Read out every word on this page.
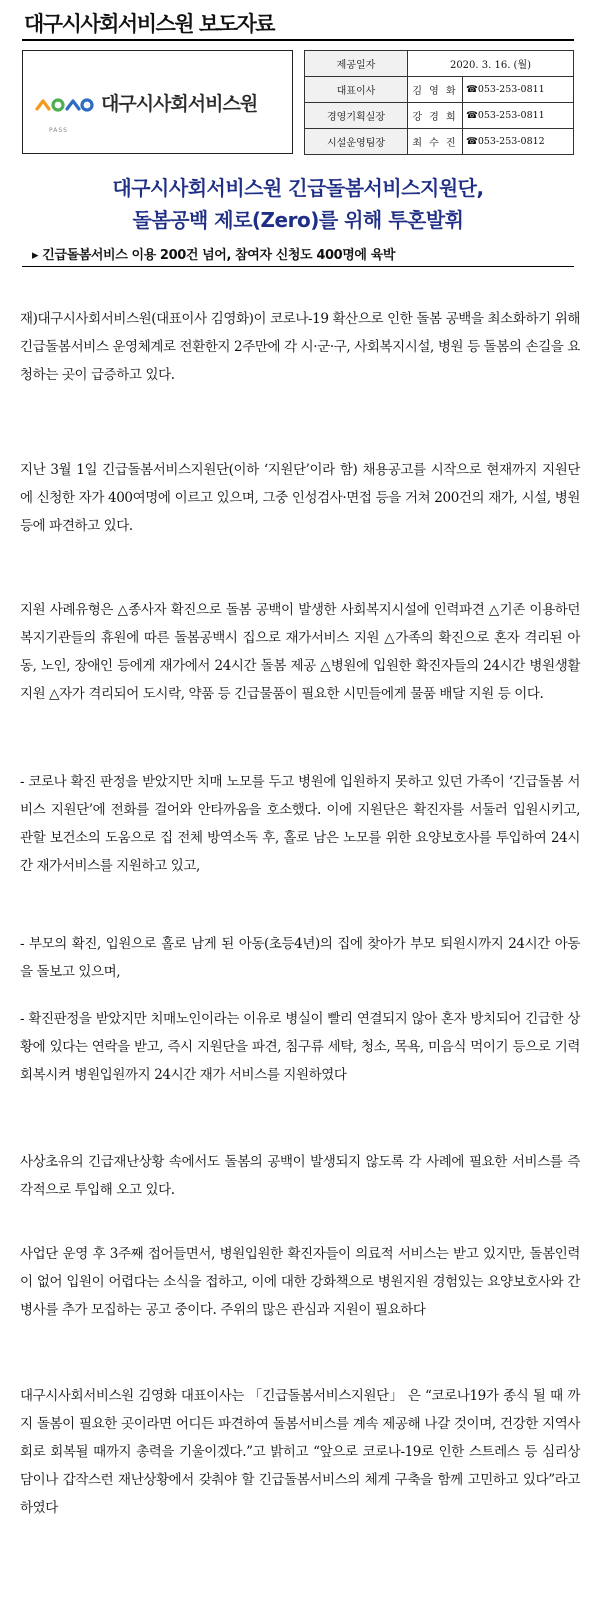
대구시사회서비스원 보도자료
대구시사회서비스원
PASS
제공일자	2020. 3. 16. (월)	
대표이사	김 영 화	☎053-253-0811
경영기획실장	강 경 희	☎053-253-0811
시설운영팀장	최 수 진	☎053-253-0812
대구시사회서비스원 긴급돌봄서비스지원단,
돌봄공백 제로(Zero)를 위해 투혼발휘
▸ 긴급돌봄서비스 이용 200건 넘어, 참여자 신청도 400명에 육박
재)대구시사회서비스원(대표이사 김영화)이 코로나-19 확산으로 인한 돌봄 공백을 최소화하기 위해 긴급돌봄서비스 운영체계로 전환한지 2주만에 각 시·군·구, 사회복지시설, 병원 등 돌봄의 손길을 요청하는 곳이 급증하고 있다.
지난 3월 1일 긴급돌봄서비스지원단(이하 ‘지원단’이라 함) 채용공고를 시작으로 현재까지 지원단에 신청한 자가 400여명에 이르고 있으며, 그중 인성검사·면접 등을 거쳐 200건의 재가, 시설, 병원 등에 파견하고 있다.
지원 사례유형은 △종사자 확진으로 돌봄 공백이 발생한 사회복지시설에 인력파견 △기존 이용하던 복지기관들의 휴원에 따른 돌봄공백시 집으로 재가서비스 지원 △가족의 확진으로 혼자 격리된 아동, 노인, 장애인 등에게 재가에서 24시간 돌봄 제공 △병원에 입원한 확진자들의 24시간 병원생활 지원 △자가 격리되어 도시락, 약품 등 긴급물품이 필요한 시민들에게 물품 배달 지원 등 이다.
- 코로나 확진 판정을 받았지만 치매 노모를 두고 병원에 입원하지 못하고 있던 가족이 ‘긴급돌봄 서비스 지원단’에 전화를 걸어와 안타까움을 호소했다. 이에 지원단은 확진자를 서둘러 입원시키고, 관할 보건소의 도움으로 집 전체 방역소독 후, 홀로 남은 노모를 위한 요양보호사를 투입하여 24시간 재가서비스를 지원하고 있고,
- 부모의 확진, 입원으로 홀로 남게 된 아동(초등4년)의 집에 찾아가 부모 퇴원시까지 24시간 아동을 돌보고 있으며,
- 확진판정을 받았지만 치매노인이라는 이유로 병실이 빨리 연결되지 않아 혼자 방치되어 긴급한 상황에 있다는 연락을 받고, 즉시 지원단을 파견, 침구류 세탁, 청소, 목욕, 미음식 먹이기 등으로 기력회복시켜 병원입원까지 24시간 재가 서비스를 지원하였다
사상초유의 긴급재난상황 속에서도 돌봄의 공백이 발생되지 않도록 각 사례에 필요한 서비스를 즉각적으로 투입해 오고 있다.
사업단 운영 후 3주째 접어들면서, 병원입원한 확진자들이 의료적 서비스는 받고 있지만, 돌봄인력이 없어 입원이 어렵다는 소식을 접하고, 이에 대한 강화책으로 병원지원 경험있는 요양보호사와 간병사를 추가 모집하는 공고 중이다. 주위의 많은 관심과 지원이 필요하다
대구시사회서비스원 김영화 대표이사는 「긴급돌봄서비스지원단」 은 “코로나19가 종식 될 때 까지 돌봄이 필요한 곳이라면 어디든 파견하여 돌봄서비스를 계속 제공해 나갈 것이며, 건강한 지역사회로 회복될 때까지 총력을 기울이겠다.”고 밝히고 “앞으로 코로나-19로 인한 스트레스 등 심리상담이나 갑작스런 재난상황에서 갖춰야 할 긴급돌봄서비스의 체계 구축을 함께 고민하고 있다”라고 하였다
